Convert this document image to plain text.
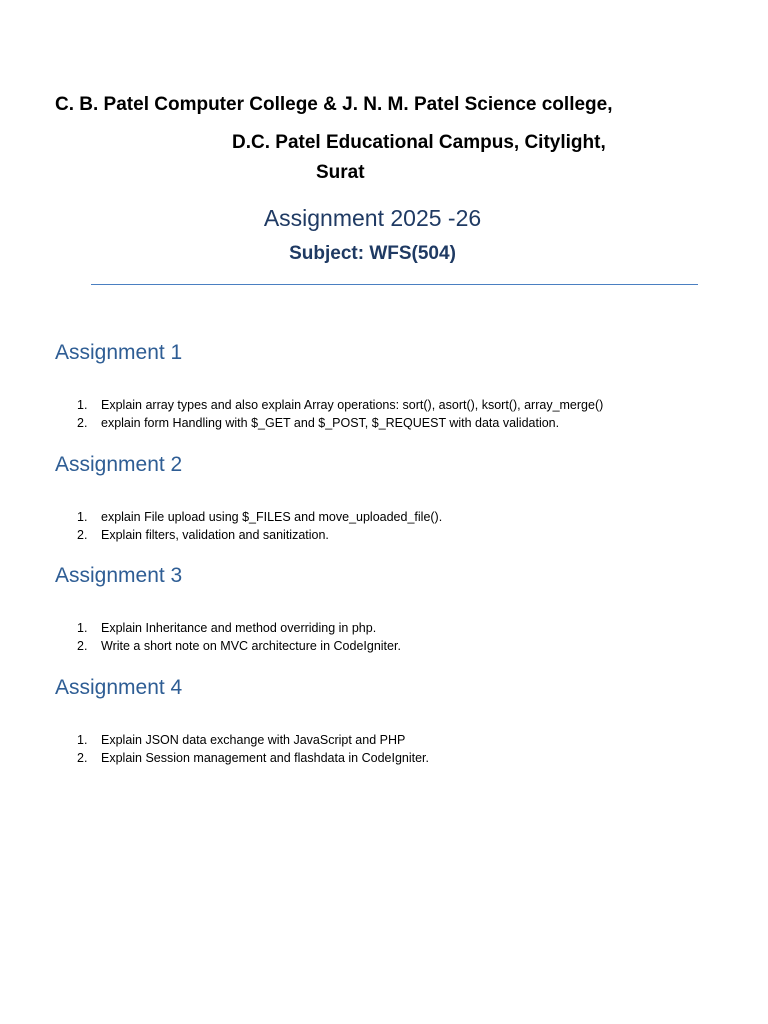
C. B. Patel Computer College & J. N. M. Patel Science college,
D.C. Patel Educational Campus, Citylight,
Surat
Assignment 2025 -26
Subject: WFS(504)
Assignment 1
1. Explain array types and also explain Array operations: sort(), asort(), ksort(), array_merge()
2. explain form Handling with $_GET and $_POST, $_REQUEST with data validation.
Assignment 2
1. explain File upload using $_FILES and move_uploaded_file().
2. Explain filters, validation and sanitization.
Assignment 3
1. Explain Inheritance and method overriding in php.
2. Write a short note on MVC architecture in CodeIgniter.
Assignment 4
1. Explain JSON data exchange with JavaScript and PHP
2. Explain Session management and flashdata in CodeIgniter.
